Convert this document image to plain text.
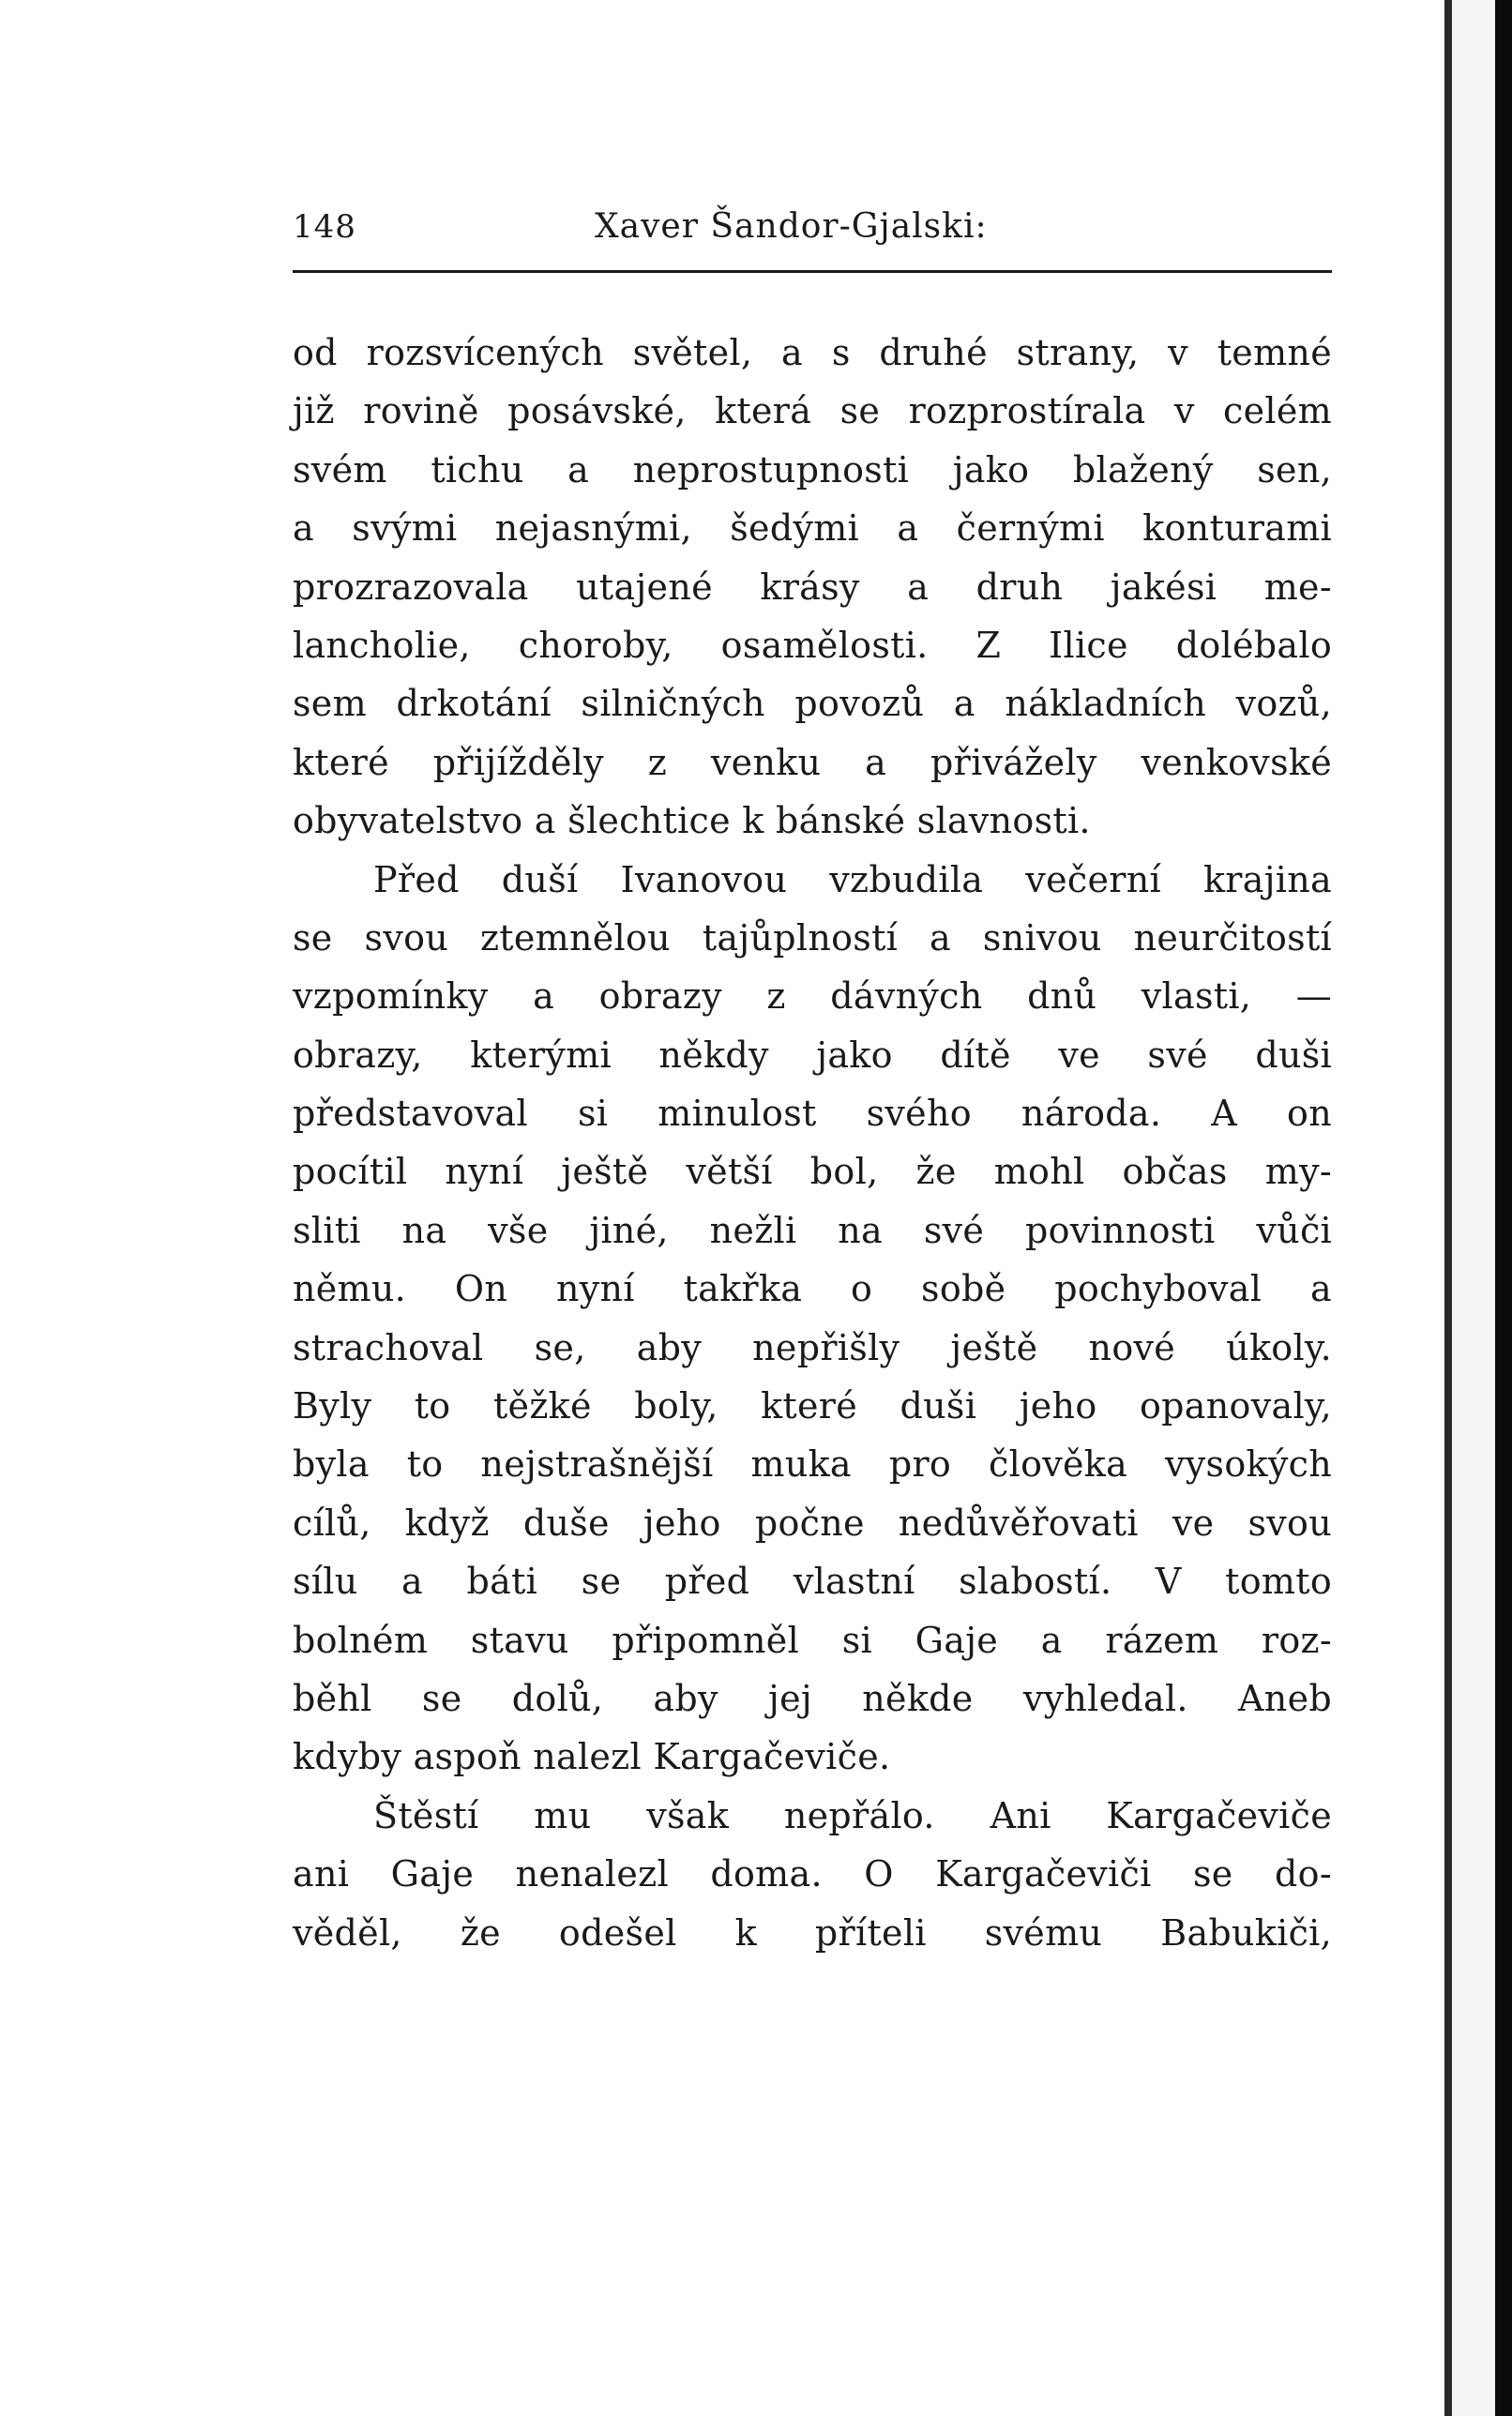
148	Xaver Šandor-Gjalski:
od rozsvícených světel, a s druhé strany, v temné
již rovině posávské, která se rozprostírala v celém
svém tichu a neprostupnosti jako blažený sen,
a svými nejasnými, šedými a černými konturami
prozrazovala utajené krásy a druh jakési me-
lancholie, choroby, osamělosti. Z Ilice dolébalo
sem drkotání silničných povozů a nákladních vozů,
které přijížděly z venku a přivážely venkovské
obyvatelstvo a šlechtice k bánské slavnosti.
Před duší Ivanovou vzbudila večerní krajina
se svou ztemnělou tajůplností a snivou neurčitostí
vzpomínky a obrazy z dávných dnů vlasti, —
obrazy, kterými někdy jako dítě ve své duši
představoval si minulost svého národa. A on
pocítil nyní ještě větší bol, že mohl občas my-
sliti na vše jiné, nežli na své povinnosti vůči
němu. On nyní takřka o sobě pochyboval a
strachoval se, aby nepřišly ještě nové úkoly.
Byly to těžké boly, které duši jeho opanovaly,
byla to nejstrašnější muka pro člověka vysokých
cílů, když duše jeho počne nedůvěřovati ve svou
sílu a báti se před vlastní slabostí. V tomto
bolném stavu připomněl si Gaje a rázem roz-
běhl se dolů, aby jej někde vyhledal. Aneb
kdyby aspoň nalezl Kargačeviče.
Štěstí mu však nepřálo. Ani Kargačeviče
ani Gaje nenalezl doma. O Kargačeviči se do-
věděl, že odešel k příteli svému Babukiči,
